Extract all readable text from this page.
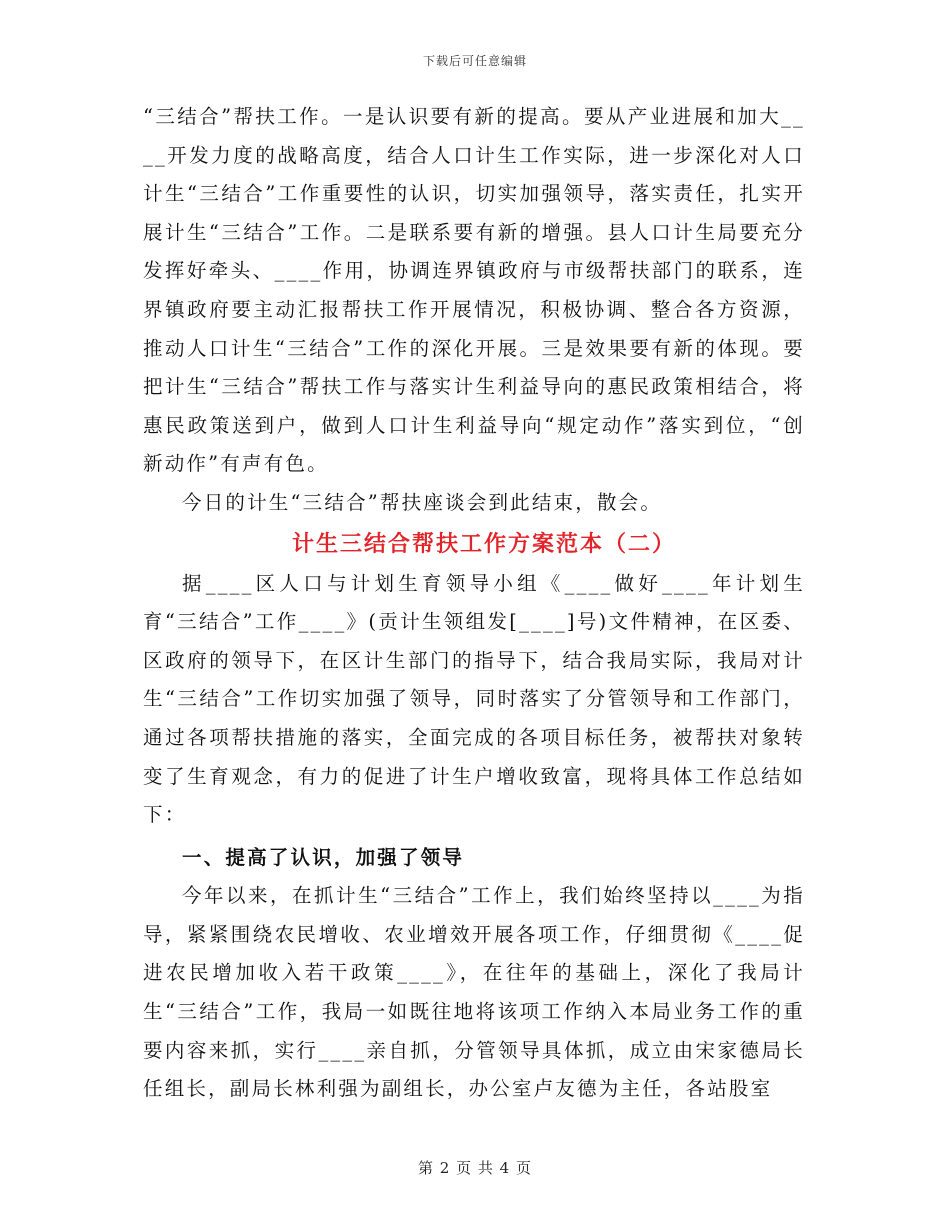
下载后可任意编辑

“三结合”帮扶工作。一是认识要有新的提高。要从产业进展和加大____开发力度的战略高度，结合人口计生工作实际，进一步深化对人口计生“三结合”工作重要性的认识，切实加强领导，落实责任，扎实开展计生“三结合”工作。二是联系要有新的增强。县人口计生局要充分发挥好牵头、____作用，协调连界镇政府与市级帮扶部门的联系，连界镇政府要主动汇报帮扶工作开展情况，积极协调、整合各方资源，推动人口计生“三结合”工作的深化开展。三是效果要有新的体现。要把计生“三结合”帮扶工作与落实计生利益导向的惠民政策相结合，将惠民政策送到户，做到人口计生利益导向“规定动作”落实到位，“创新动作”有声有色。

今日的计生“三结合”帮扶座谈会到此结束，散会。

计生三结合帮扶工作方案范本（二）

据____区人口与计划生育领导小组《____做好____年计划生育“三结合”工作____》(贡计生领组发[____]号)文件精神，在区委、区政府的领导下，在区计生部门的指导下，结合我局实际，我局对计生“三结合”工作切实加强了领导，同时落实了分管领导和工作部门，通过各项帮扶措施的落实，全面完成的各项目标任务，被帮扶对象转变了生育观念，有力的促进了计生户增收致富，现将具体工作总结如下：

一、提高了认识，加强了领导

今年以来，在抓计生“三结合”工作上，我们始终坚持以____为指导，紧紧围绕农民增收、农业增效开展各项工作，仔细贯彻《____促进农民增加收入若干政策____》，在往年的基础上，深化了我局计生“三结合”工作，我局一如既往地将该项工作纳入本局业务工作的重要内容来抓，实行____亲自抓，分管领导具体抓，成立由宋家德局长任组长，副局长林利强为副组长，办公室卢友德为主任，各站股室

第 2 页 共 4 页
